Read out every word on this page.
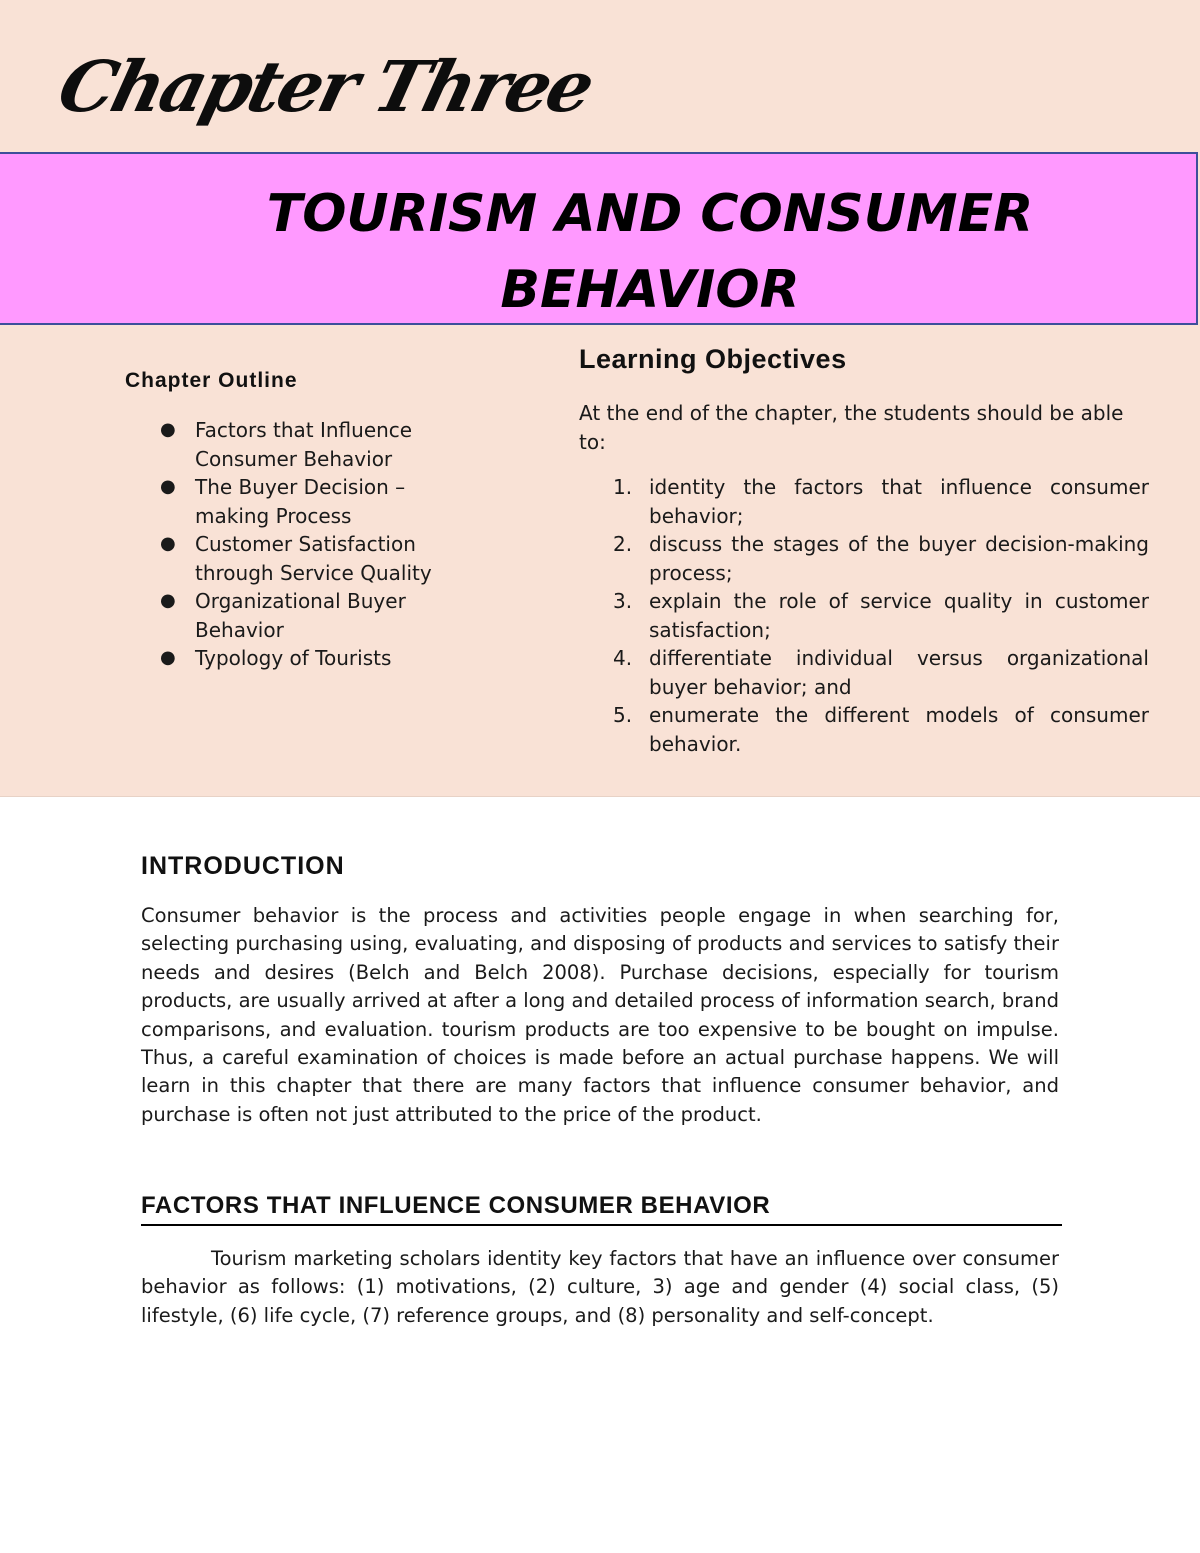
Chapter Three
TOURISM AND CONSUMER BEHAVIOR
Chapter Outline
● Factors that Influence Consumer Behavior
● The Buyer Decision – making Process
● Customer Satisfaction through Service Quality
● Organizational Buyer Behavior
● Typology of Tourists
Learning Objectives
At the end of the chapter, the students should be able to:
1. identity the factors that influence consumer behavior;
2. discuss the stages of the buyer decision-making process;
3. explain the role of service quality in customer satisfaction;
4. differentiate individual versus organizational buyer behavior; and
5. enumerate the different models of consumer behavior.
INTRODUCTION

Consumer behavior is the process and activities people engage in when searching for, selecting purchasing using, evaluating, and disposing of products and services to satisfy their needs and desires (Belch and Belch 2008). Purchase decisions, especially for tourism products, are usually arrived at after a long and detailed process of information search, brand comparisons, and evaluation. tourism products are too expensive to be bought on impulse. Thus, a careful examination of choices is made before an actual purchase happens. We will learn in this chapter that there are many factors that influence consumer behavior, and purchase is often not just attributed to the price of the product.

FACTORS THAT INFLUENCE CONSUMER BEHAVIOR

Tourism marketing scholars identity key factors that have an influence over consumer behavior as follows: (1) motivations, (2) culture, 3) age and gender (4) social class, (5) lifestyle, (6) life cycle, (7) reference groups, and (8) personality and self-concept.
